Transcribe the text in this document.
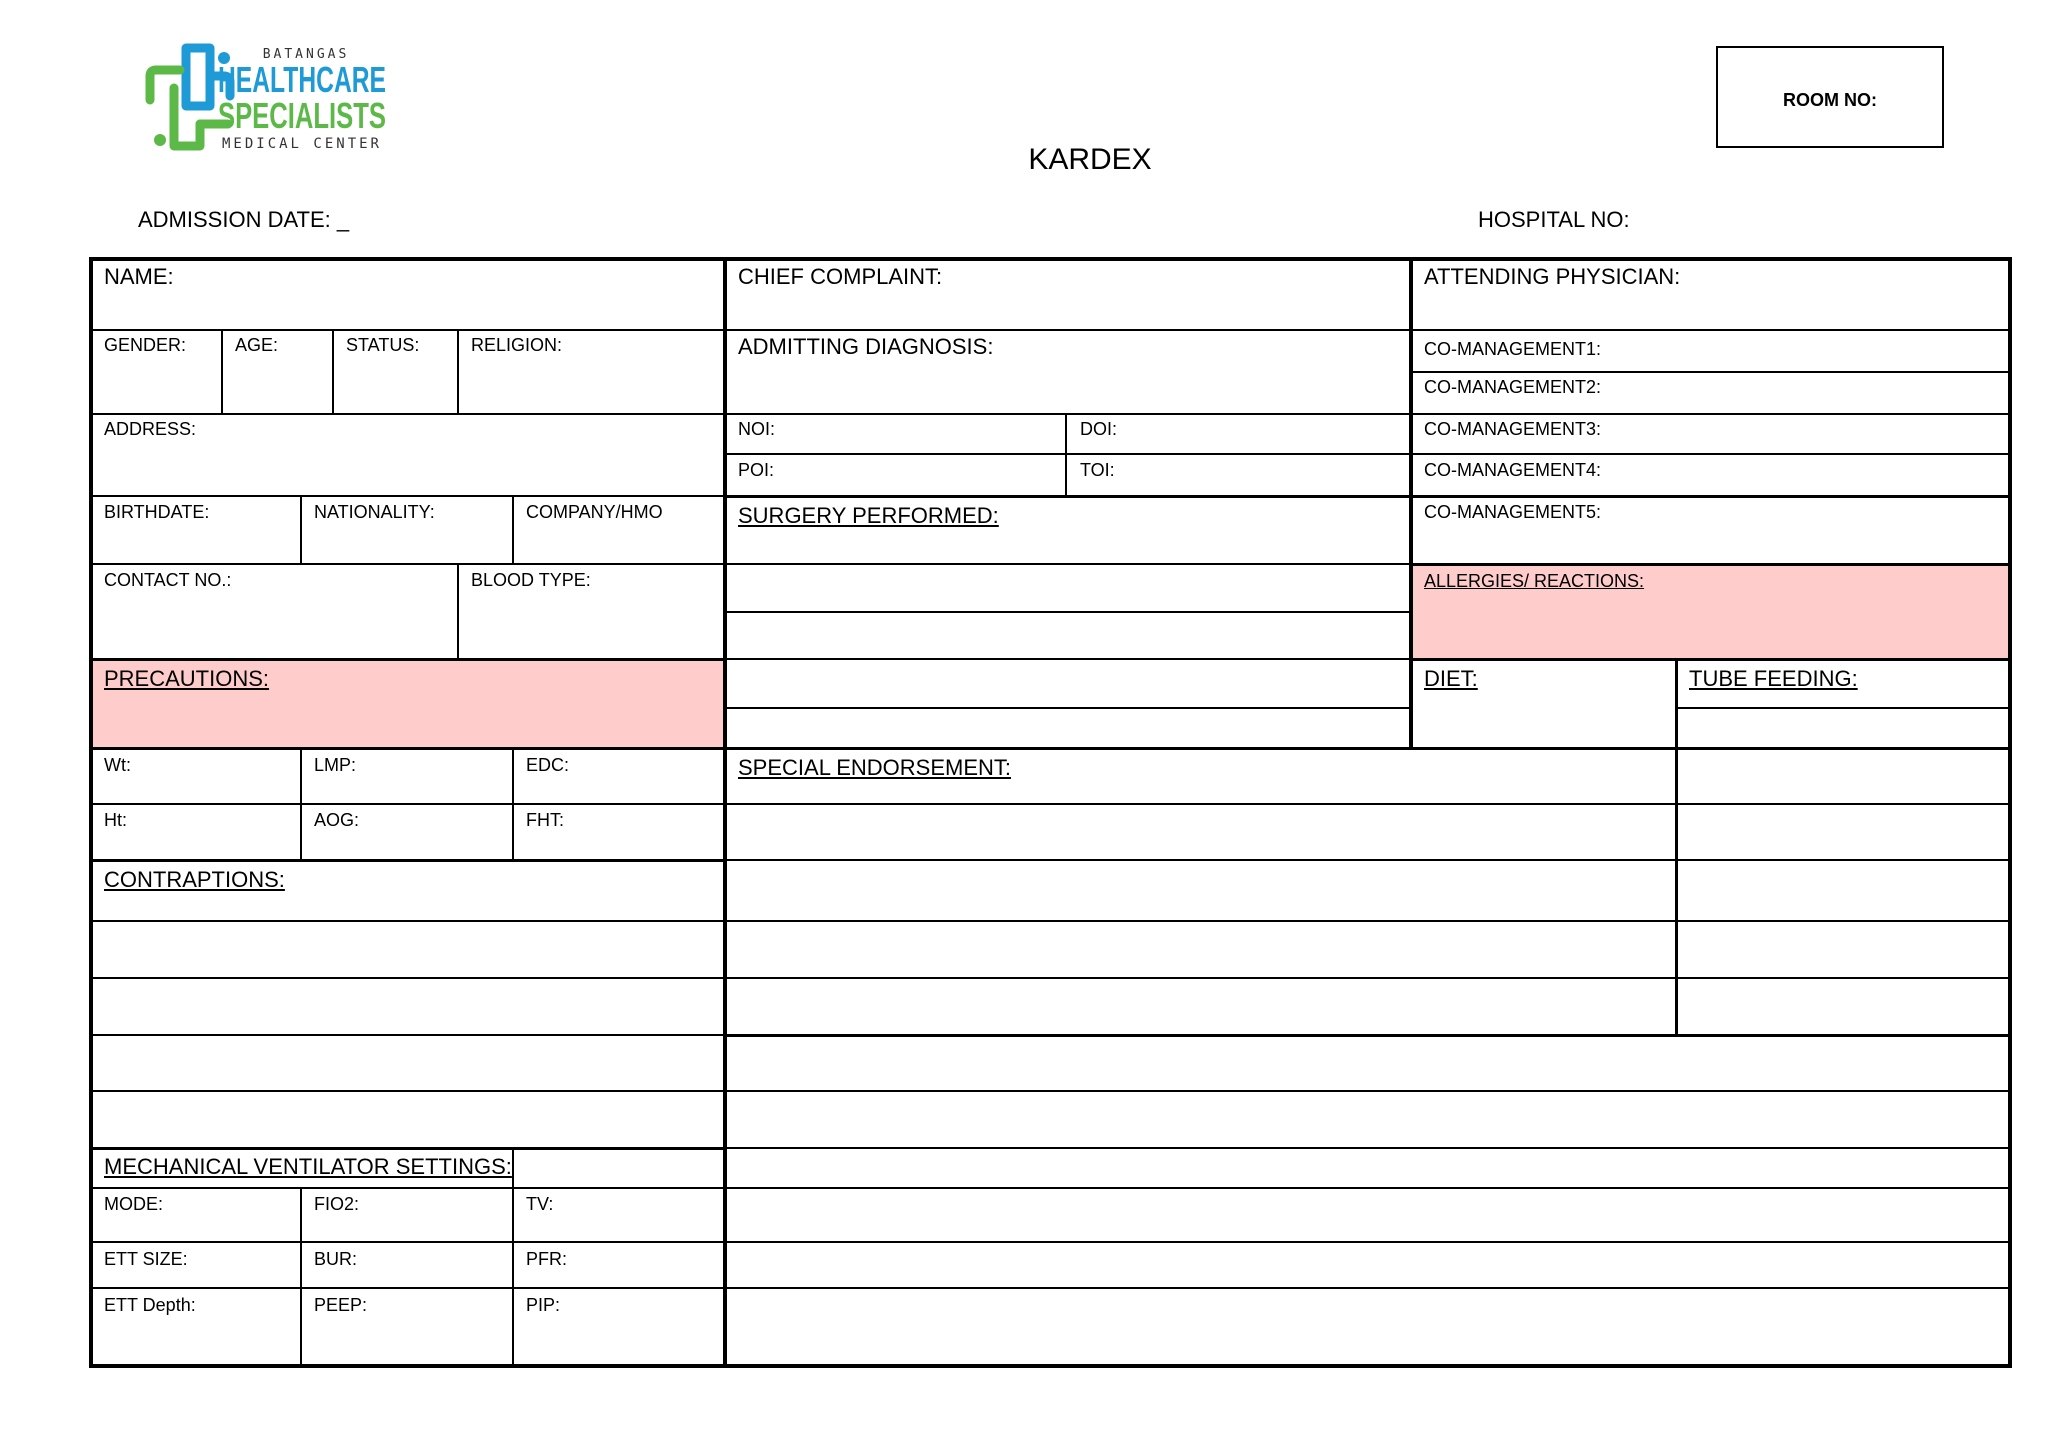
BATANGAS
HEALTHCARE
SPECIALISTS
MEDICAL CENTER	KARDEX
ROOM NO:
ADMISSION DATE: _	HOSPITAL NO:
NAME:
GENDER:	AGE:	STATUS:	RELIGION:
ADDRESS:
BIRTHDATE:	NATIONALITY:	COMPANY/HMO
CONTACT NO.:	BLOOD TYPE:
PRECAUTIONS:
Wt:	LMP:	EDC:
Ht:	AOG:	FHT:
CONTRAPTIONS:
MECHANICAL VENTILATOR SETTINGS:
MODE:	FIO2:	TV:
ETT SIZE:	BUR:	PFR:
ETT Depth:	PEEP:	PIP:
CHIEF COMPLAINT:
ADMITTING DIAGNOSIS:
NOI:	DOI:
POI:	TOI:
SURGERY PERFORMED:
SPECIAL ENDORSEMENT:
ATTENDING PHYSICIAN:
CO-MANAGEMENT1:
CO-MANAGEMENT2:
CO-MANAGEMENT3:
CO-MANAGEMENT4:
CO-MANAGEMENT5:
ALLERGIES/ REACTIONS:
DIET:	TUBE FEEDING:
